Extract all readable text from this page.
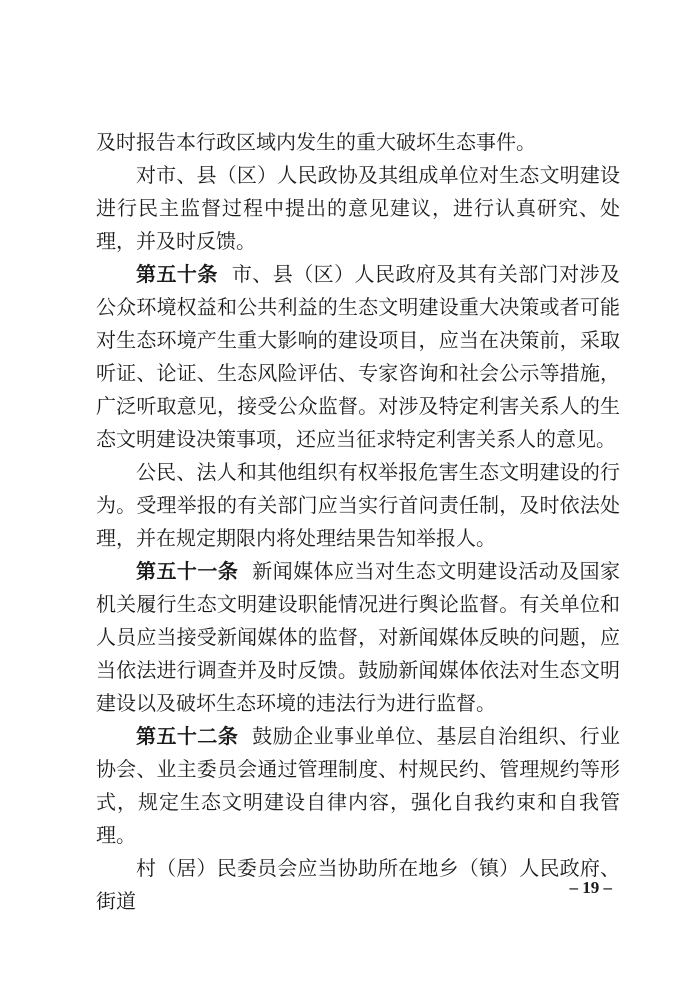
及时报告本行政区域内发生的重大破坏生态事件。

对市、县（区）人民政协及其组成单位对生态文明建设进行民主监督过程中提出的意见建议，进行认真研究、处理，并及时反馈。

第五十条 市、县（区）人民政府及其有关部门对涉及公众环境权益和公共利益的生态文明建设重大决策或者可能对生态环境产生重大影响的建设项目，应当在决策前，采取听证、论证、生态风险评估、专家咨询和社会公示等措施，广泛听取意见，接受公众监督。对涉及特定利害关系人的生态文明建设决策事项，还应当征求特定利害关系人的意见。

公民、法人和其他组织有权举报危害生态文明建设的行为。受理举报的有关部门应当实行首问责任制，及时依法处理，并在规定期限内将处理结果告知举报人。

第五十一条 新闻媒体应当对生态文明建设活动及国家机关履行生态文明建设职能情况进行舆论监督。有关单位和人员应当接受新闻媒体的监督，对新闻媒体反映的问题，应当依法进行调查并及时反馈。鼓励新闻媒体依法对生态文明建设以及破坏生态环境的违法行为进行监督。

第五十二条 鼓励企业事业单位、基层自治组织、行业协会、业主委员会通过管理制度、村规民约、管理规约等形式，规定生态文明建设自律内容，强化自我约束和自我管理。

村（居）民委员会应当协助所在地乡（镇）人民政府、街道

– 19 –
